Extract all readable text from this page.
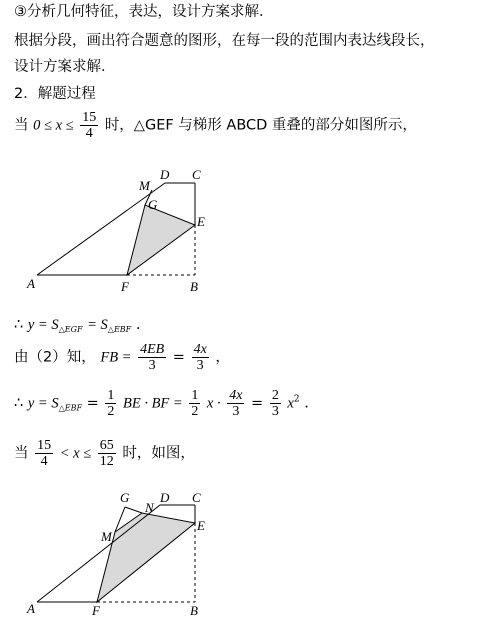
③分析几何特征，表达，设计方案求解．
根据分段，画出符合题意的图形，在每一段的范围内表达线段长，
设计方案求解．
2．解题过程
当 $0 \le x \le \frac{15}{4}$ 时，△GEF 与梯形 ABCD 重叠的部分如图所示，
A	F	B
C
D
M
G
E
∴ $y = S_{\triangle EGF} = S_{\triangle EBF}$ .
由（2）知， FB = $\frac{4EB}{3} = \frac{4x}{3}$ ，
∴ $y = S_{\triangle EBF} = \frac{1}{2}$ BE · BF = $\frac{1}{2}$ $x \cdot \frac{4x}{3} = \frac{2}{3} x^2$ .
当 $\frac{15}{4} < x \le \frac{65}{12}$ 时，如图，
A	F	B
C
D
M
G
N
E
